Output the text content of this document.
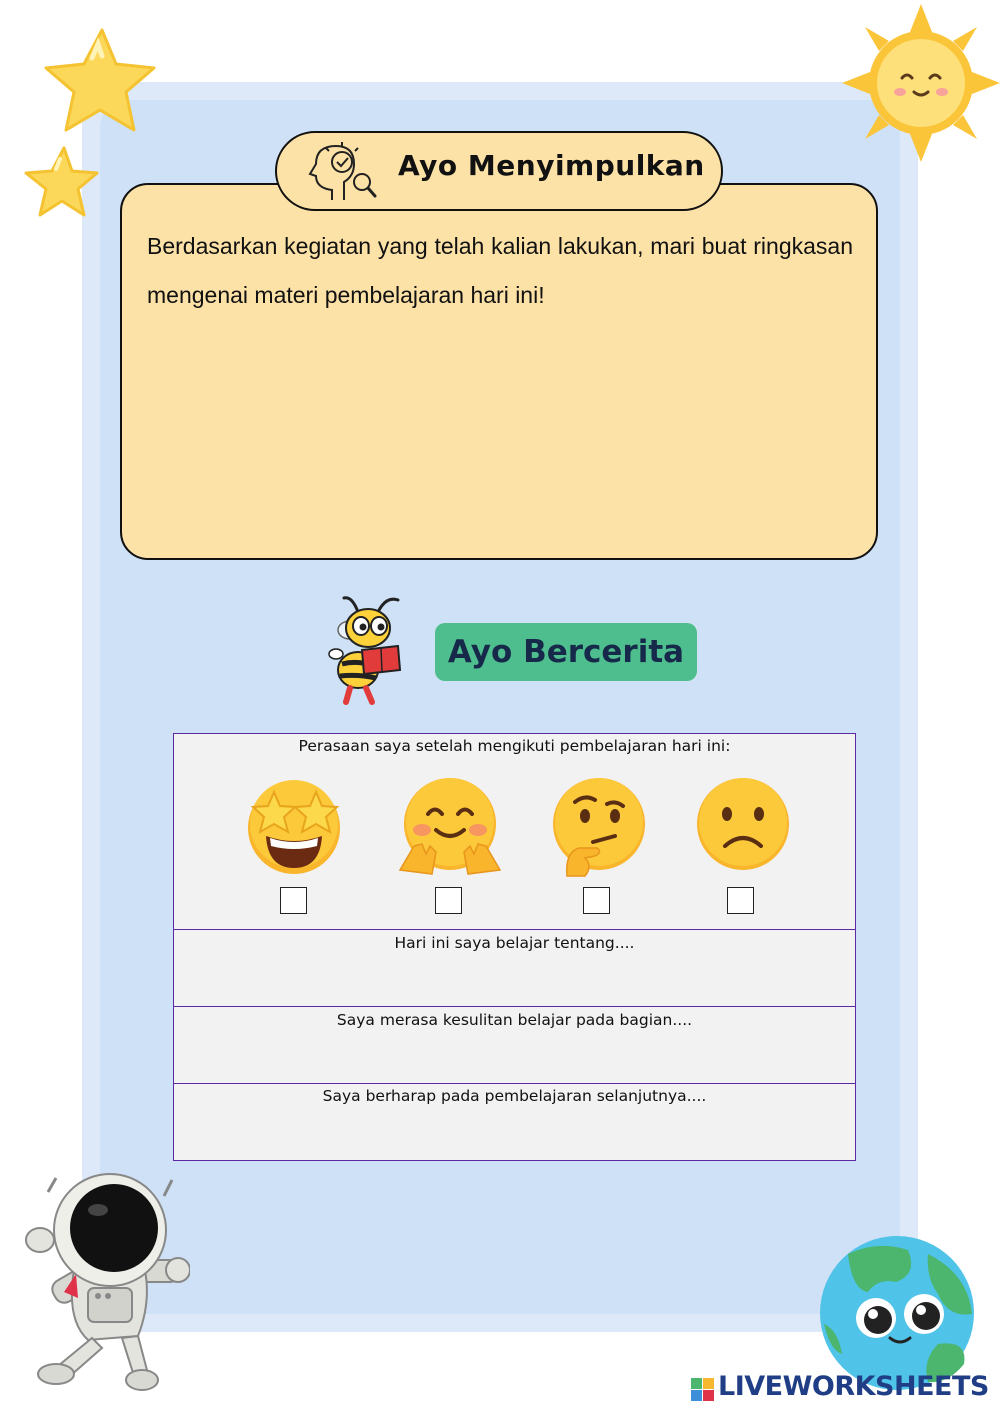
Berdasarkan kegiatan yang telah kalian lakukan, mari buat ringkasan mengenai materi pembelajaran hari ini!
Ayo Menyimpulkan
Ayo Bercerita
Perasaan saya setelah mengikuti pembelajaran hari ini:
Hari ini saya belajar tentang....
Saya merasa kesulitan belajar pada bagian....
Saya berharap pada pembelajaran selanjutnya....
LIVEWORKSHEETS
